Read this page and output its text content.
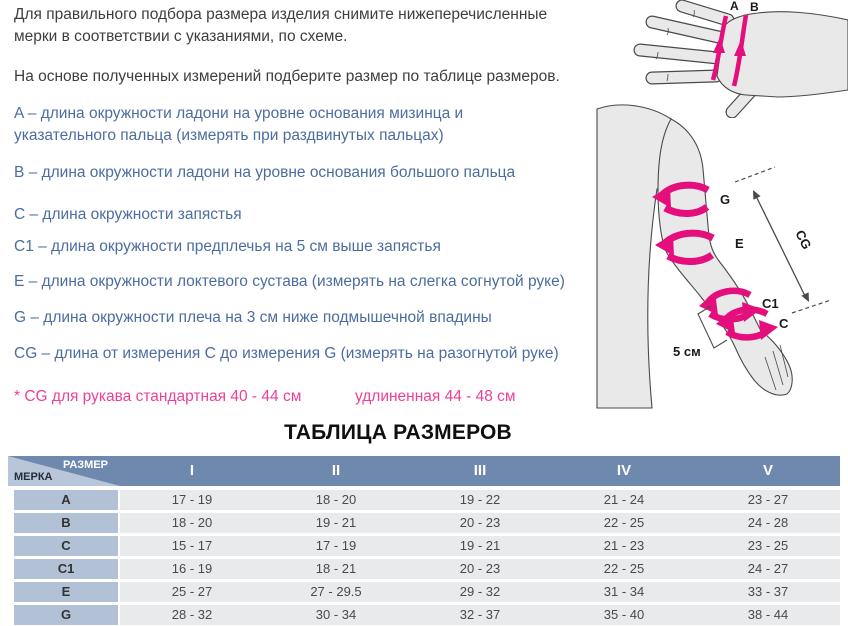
Для правильного подбора размера изделия снимите нижеперечисленные мерки в соответствии с указаниями, по схеме.
На основе полученных измерений подберите размер по таблице размеров.
A – длина окружности ладони на уровне основания мизинца и указательного пальца (измерять при раздвинутых пальцах)
B – длина окружности ладони на уровне основания большого пальца
C – длина окружности запястья
C1 – длина окружности предплечья на 5 см выше запястья
E – длина окружности локтевого сустава (измерять на слегка согнутой руке)
G – длина окружности плеча на 3 см ниже подмышечной впадины
CG – длина от измерения C до измерения G (измерять на разогнутой руке)
* CG для рукава стандартная 40 - 44 см	удлиненная 44 - 48 см
A B
G
E
C1
C
CG
5 см
ТАБЛИЦА РАЗМЕРОВ
РАЗМЕР
МЕРКА	I	II	III	IV	V
A	17 - 19	18 - 20	19 - 22	21 - 24	23 - 27
B	18 - 20	19 - 21	20 - 23	22 - 25	24 - 28
C	15 - 17	17 - 19	19 - 21	21 - 23	23 - 25
C1	16 - 19	18 - 21	20 - 23	22 - 25	24 - 27
E	25 - 27	27 - 29.5	29 - 32	31 - 34	33 - 37
G	28 - 32	30 - 34	32 - 37	35 - 40	38 - 44
